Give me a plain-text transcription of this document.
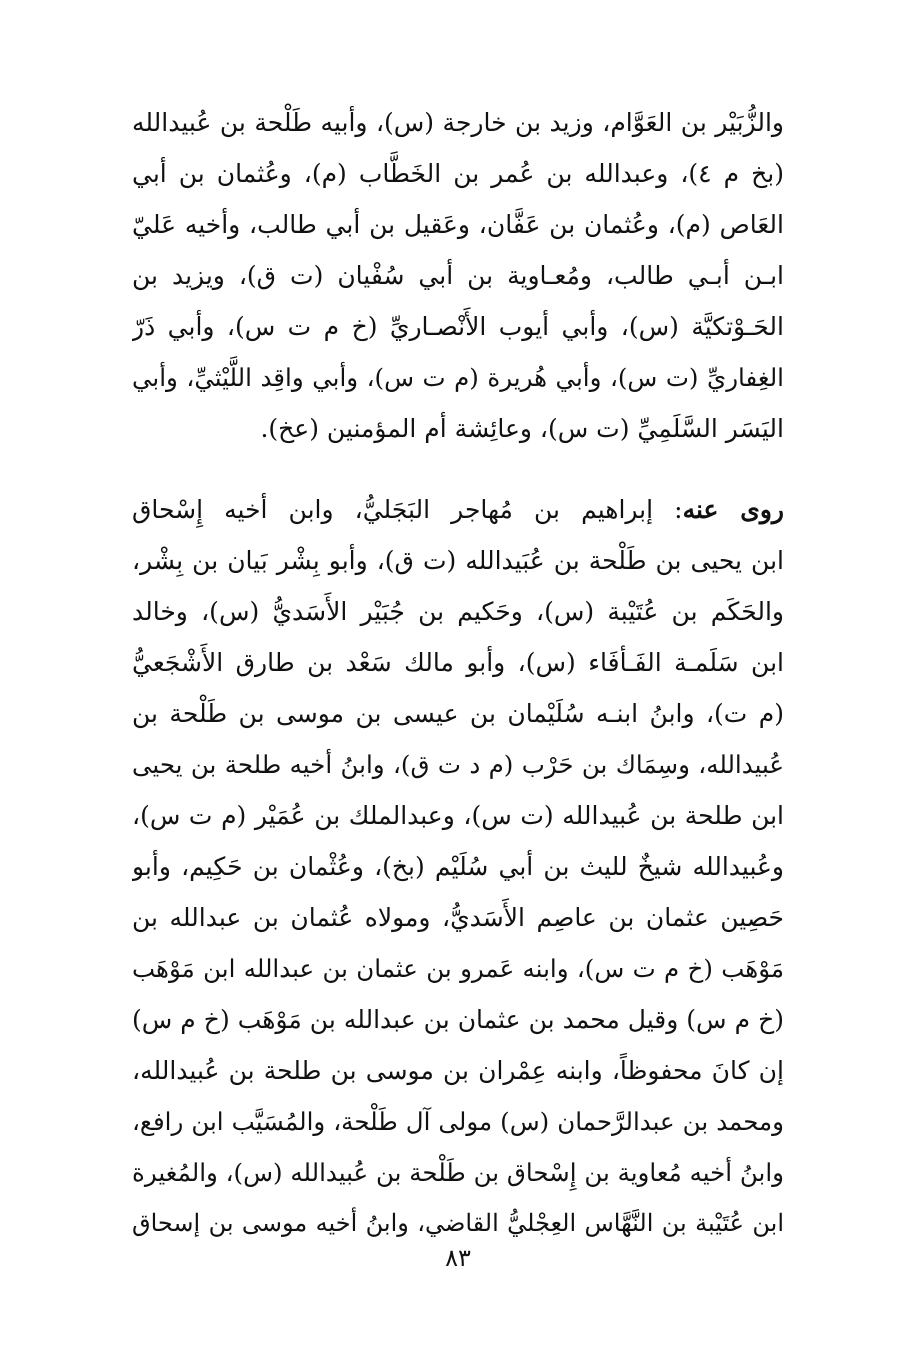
والزُّبَيْر بن العَوَّام، وزيد بن خارجة (س)، وأبيه طَلْحة بن عُبيدالله
(بخ م ٤)، وعبدالله بن عُمر بن الخَطَّاب (م)، وعُثمان بن أبي
العَاص (م)، وعُثمان بن عَفَّان، وعَقيل بن أبي طالب، وأخيه عَليّ
ابـن أبـي طالب، ومُعـاوية بن أبي سُفْيان (ت ق)، ويزيد بن
الحَـوْتكيَّة (س)، وأبي أيوب الأَنْصـاريِّ (خ م ت س)، وأبي ذَرّ
الغِفاريِّ (ت س)، وأبي هُريرة (م ت س)، وأبي واقِد اللَّيْثيِّ، وأبي
اليَسَر السَّلَمِيِّ (ت س)، وعائِشة أم المؤمنين (عخ).
روى عنه: إبراهيم بن مُهاجر البَجَليُّ، وابن أخيه إِسْحاق
ابن يحيى بن طَلْحة بن عُبَيدالله (ت ق)، وأبو بِشْر بَيان بن بِشْر،
والحَكَم بن عُتَيْبة (س)، وحَكيم بن جُبَيْر الأَسَديُّ (س)، وخالد
ابن سَلَمـة الفَـأفَاء (س)، وأبو مالك سَعْد بن طارق الأَشْجَعيُّ
(م ت)، وابنُ ابنـه سُلَيْمان بن عيسى بن موسى بن طَلْحة بن
عُبيدالله، وسِمَاك بن حَرْب (م د ت ق)، وابنُ أخيه طلحة بن يحيى
ابن طلحة بن عُبيدالله (ت س)، وعبدالملك بن عُمَيْر (م ت س)،
وعُبيدالله شيخٌ لليث بن أبي سُلَيْم (بخ)، وعُثْمان بن حَكِيم، وأبو
حَصِين عثمان بن عاصِم الأَسَديُّ، ومولاه عُثمان بن عبدالله بن
مَوْهَب (خ م ت س)، وابنه عَمرو بن عثمان بن عبدالله ابن مَوْهَب
(خ م س) وقيل محمد بن عثمان بن عبدالله بن مَوْهَب (خ م س)
إن كانَ محفوظاً، وابنه عِمْران بن موسى بن طلحة بن عُبيدالله،
ومحمد بن عبدالرَّحمان (س) مولى آل طَلْحة، والمُسَيَّب ابن رافع،
وابنُ أخيه مُعاوية بن إِسْحاق بن طَلْحة بن عُبيدالله (س)، والمُغيرة
ابن عُتَيْبة بن النَّهَّاس العِجْليُّ القاضي، وابنُ أخيه موسى بن إسحاق
٨٣
